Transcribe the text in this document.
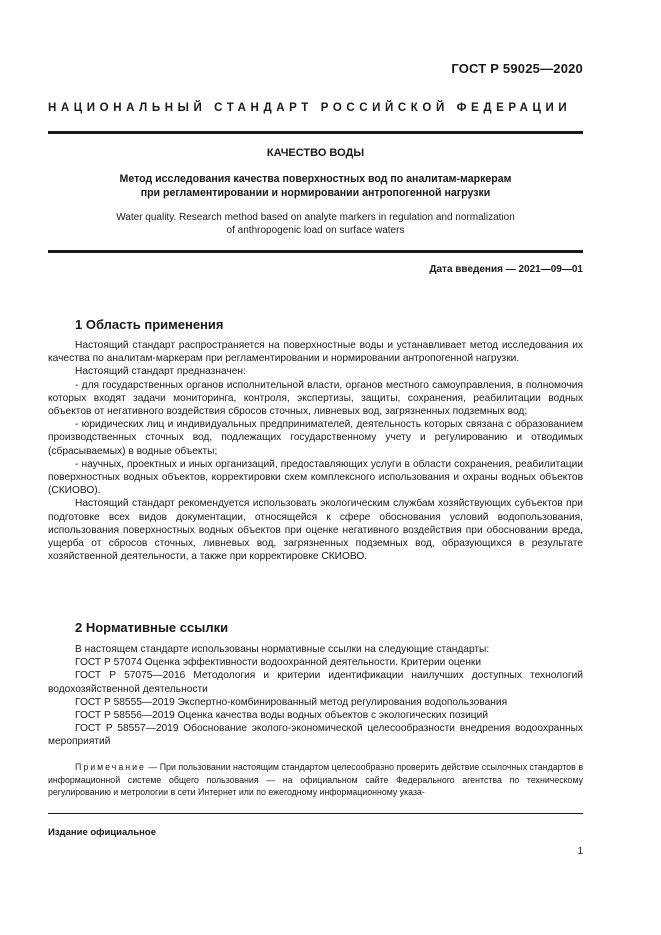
ГОСТ Р 59025—2020
НАЦИОНАЛЬНЫЙ СТАНДАРТ РОССИЙСКОЙ ФЕДЕРАЦИИ
КАЧЕСТВО ВОДЫ
Метод исследования качества поверхностных вод по аналитам-маркерам
при регламентировании и нормировании антропогенной нагрузки
Water quality. Research method based on analyte markers in regulation and normalization
of anthropogenic load on surface waters
Дата введения — 2021—09—01
1 Область применения

Настоящий стандарт распространяется на поверхностные воды и устанавливает метод исследования их качества по аналитам-маркерам при регламентировании и нормировании антропогенной нагрузки.

Настоящий стандарт предназначен:

- для государственных органов исполнительной власти, органов местного самоуправления, в полномочия которых входят задачи мониторинга, контроля, экспертизы, защиты, сохранения, реабилитации водных объектов от негативного воздействия сбросов сточных, ливневых вод, загрязненных подземных вод;

- юридических лиц и индивидуальных предпринимателей, деятельность которых связана с образованием производственных сточных вод, подлежащих государственному учету и регулированию и отводимых (сбрасываемых) в водные объекты;

- научных, проектных и иных организаций, предоставляющих услуги в области сохранения, реабилитации поверхностных водных объектов, корректировки схем комплексного использования и охраны водных объектов (СКИОВО).

Настоящий стандарт рекомендуется использовать экологическим службам хозяйствующих субъектов при подготовке всех видов документации, относящейся к сфере обоснования условий водопользования, использования поверхностных водных объектов при оценке негативного воздействия при обосновании вреда, ущерба от сбросов сточных, ливневых вод, загрязненных подземных вод, образующихся в результате хозяйственной деятельности, а также при корректировке СКИОВО.

2 Нормативные ссылки

В настоящем стандарте использованы нормативные ссылки на следующие стандарты:

ГОСТ Р 57074 Оценка эффективности водоохранной деятельности. Критерии оценки

ГОСТ Р 57075—2016 Методология и критерии идентификации наилучших доступных технологий водохозяйственной деятельности

ГОСТ Р 58555—2019 Экспертно-комбинированный метод регулирования водопользования

ГОСТ Р 58556—2019 Оценка качества воды водных объектов с экологических позиций

ГОСТ Р 58557—2019 Обоснование эколого-экономической целесообразности внедрения водоохранных мероприятий

Примечание — При пользовании настоящим стандартом целесообразно проверить действие ссылочных стандартов в информационной системе общего пользования — на официальном сайте Федерального агентства по техническому регулированию и метрологии в сети Интернет или по ежегодному информационному указа-

Издание официальное
1
